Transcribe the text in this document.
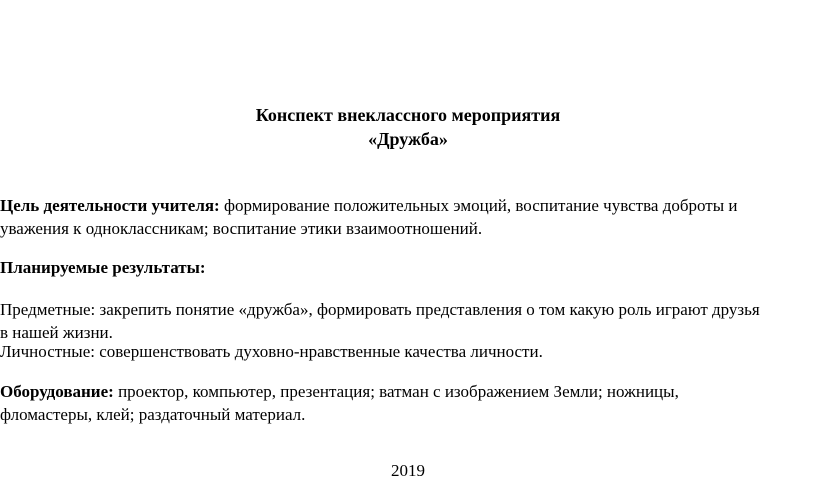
Конспект внеклассного мероприятия
«Дружба»

Цель деятельности учителя: формирование положительных эмоций, воспитание чувства доброты и

уважения к одноклассникам; воспитание этики взаимоотношений.

Планируемые результаты:

Предметные: закрепить понятие «дружба», формировать представления о том какую роль играют друзья

в нашей жизни.

Личностные: совершенствовать духовно-нравственные качества личности.

Оборудование: проектор, компьютер, презентация; ватман с изображением Земли; ножницы,

фломастеры, клей; раздаточный материал.

2019
